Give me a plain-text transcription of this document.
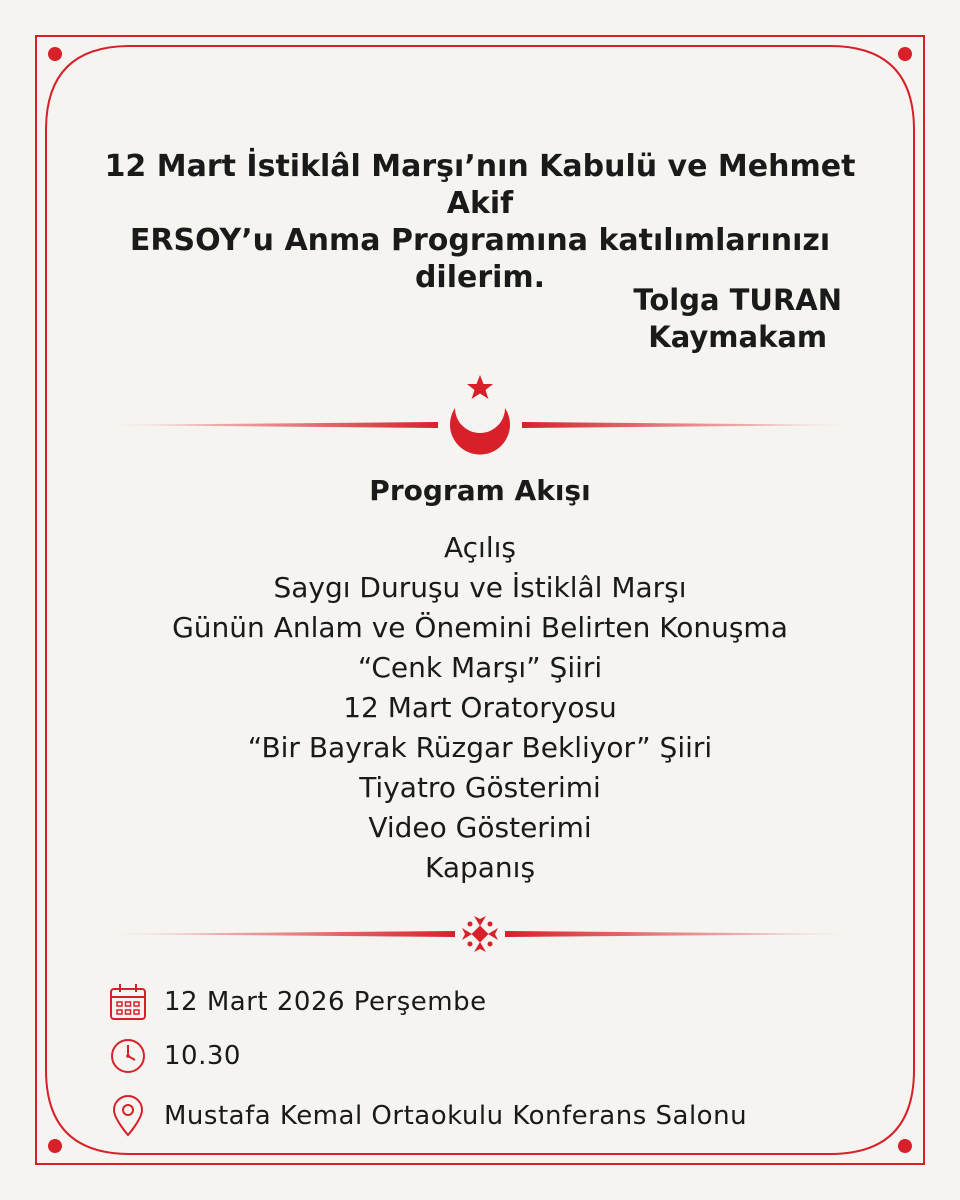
12 Mart İstiklâl Marşı’nın Kabulü ve Mehmet Akif
ERSOY’u Anma Programına katılımlarınızı
dilerim.
Tolga TURAN
Kaymakam
Program Akışı
Açılış
Saygı Duruşu ve İstiklâl Marşı
Günün Anlam ve Önemini Belirten Konuşma
“Cenk Marşı” Şiiri
12 Mart Oratoryosu
“Bir Bayrak Rüzgar Bekliyor” Şiiri
Tiyatro Gösterimi
Video Gösterimi
Kapanış
12 Mart 2026 Perşembe
10.30
Mustafa Kemal Ortaokulu Konferans Salonu
